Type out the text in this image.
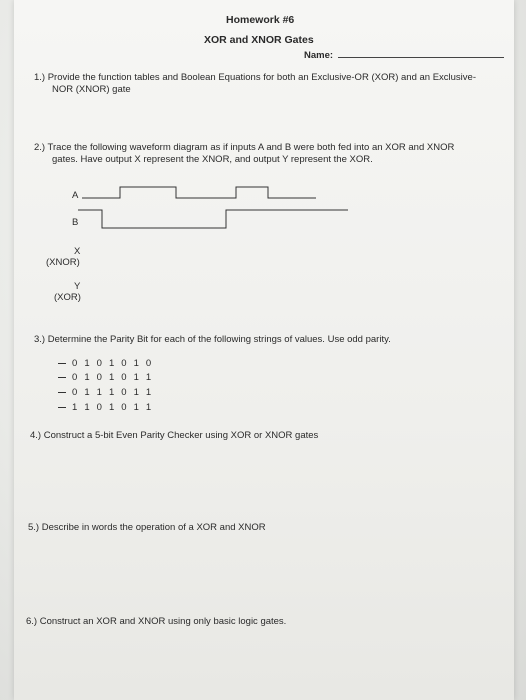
Homework #6
XOR and XNOR Gates
Name:
1.) Provide the function tables and Boolean Equations for both an Exclusive-OR (XOR) and an Exclusive-
NOR (XNOR) gate
2.) Trace the following waveform diagram as if inputs A and B were both fed into an XOR and XNOR
gates. Have output X represent the XNOR, and output Y represent the XOR.
A
B
X
(XNOR)
Y
(XOR)
3.) Determine the Parity Bit for each of the following strings of values. Use odd parity.
0 1 0 1 0 1 0
0 1 0 1 0 1 1
0 1 1 1 0 1 1
1 1 0 1 0 1 1
4.) Construct a 5-bit Even Parity Checker using XOR or XNOR gates
5.) Describe in words the operation of a XOR and XNOR
6.) Construct an XOR and XNOR using only basic logic gates.
